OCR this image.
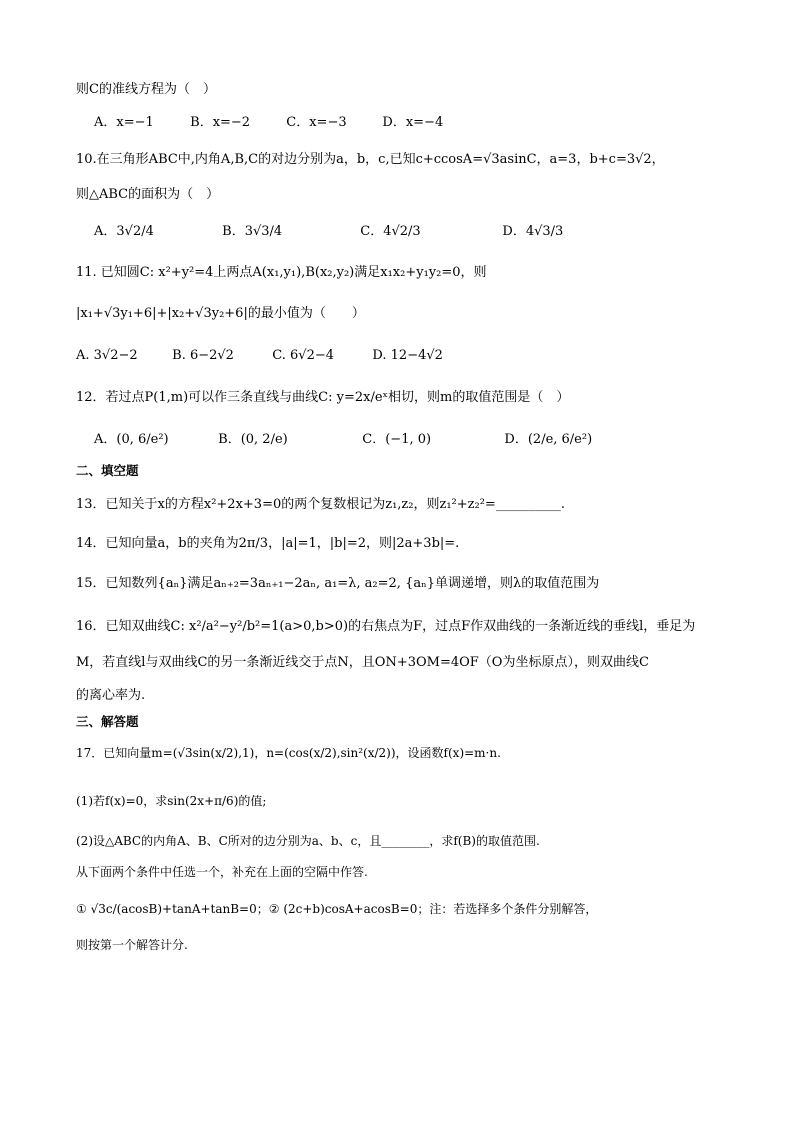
则C的准线方程为（　）
A．x=−1	B．x=−2	C．x=−3	D．x=−4
10.在三角形ABC中,内角A,B,C的对边分别为a，b，c,已知c+ccosA=√3asinC，a=3，b+c=3√2，
则△ABC的面积为（　）
A．3√2/4	B．3√3/4	C．4√2/3	D．4√3/3
11. 已知圆C: x²+y²=4上两点A(x₁,y₁),B(x₂,y₂)满足x₁x₂+y₁y₂=0，则
|x₁+√3y₁+6|+|x₂+√3y₂+6|的最小值为（　　）
A. 3√2−2	B. 6−2√2	C. 6√2−4	D. 12−4√2
12．若过点P(1,m)可以作三条直线与曲线C: y=2x/eˣ相切，则m的取值范围是（　）
A．(0, 6/e²)	B．(0, 2/e)	C．(−1, 0)	D．(2/e, 6/e²)
二、填空题
13．已知关于x的方程x²+2x+3=0的两个复数根记为z₁,z₂，则z₁²+z₂²=__________.
14．已知向量a，b的夹角为2π/3，|a|=1，|b|=2，则|2a+3b|=.
15．已知数列{aₙ}满足aₙ₊₂=3aₙ₊₁−2aₙ, a₁=λ, a₂=2, {aₙ}单调递增，则λ的取值范围为
16．已知双曲线C: x²/a²−y²/b²=1(a>0,b>0)的右焦点为F，过点F作双曲线的一条渐近线的垂线l，垂足为
M，若直线l与双曲线C的另一条渐近线交于点N，且ON+3OM=4OF（O为坐标原点），则双曲线C
的离心率为.
三、解答题
17．已知向量m=(√3sin(x/2),1)，n=(cos(x/2),sin²(x/2))，设函数f(x)=m·n.
(1)若f(x)=0，求sin(2x+π/6)的值;
(2)设△ABC的内角A、B、C所对的边分别为a、b、c，且________，求f(B)的取值范围.
从下面两个条件中任选一个，补充在上面的空隔中作答.
① √3c/(acosB)+tanA+tanB=0；② (2c+b)cosA+acosB=0；注：若选择多个条件分别解答，
则按第一个解答计分.
